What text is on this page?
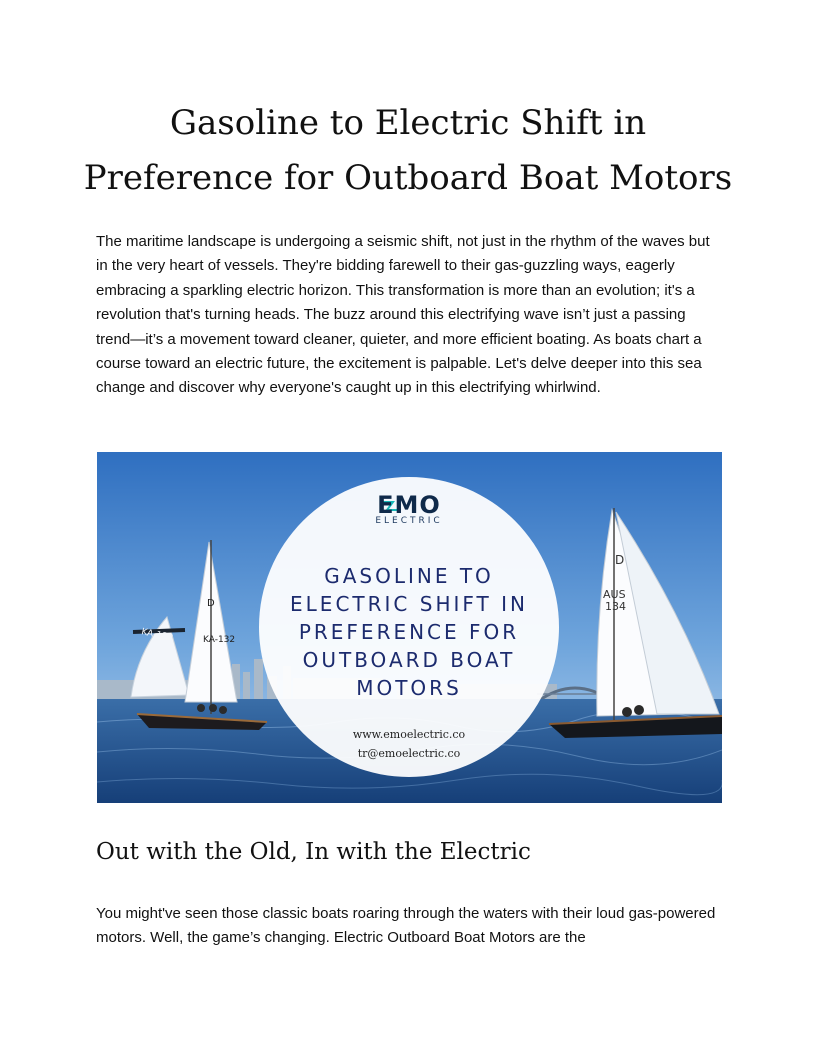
Gasoline to Electric Shift in Preference for Outboard Boat Motors

The maritime landscape is undergoing a seismic shift, not just in the rhythm of the waves but in the very heart of vessels. They're bidding farewell to their gas-guzzling ways, eagerly embracing a sparkling electric horizon. This transformation is more than an evolution; it's a revolution that's turning heads. The buzz around this electrifying wave isn’t just a passing trend—it’s a movement toward cleaner, quieter, and more efficient boating. As boats chart a course toward an electric future, the excitement is palpable. Let's delve deeper into this sea change and discover why everyone's caught up in this electrifying whirlwind.

D
KA-132
KA-132
D
AUS
134
EMO
ELECTRIC
GASOLINE TO ELECTRIC SHIFT IN PREFERENCE FOR OUTBOARD BOAT MOTORS
www.emoelectric.co
tr@emoelectric.co
Out with the Old, In with the Electric

You might've seen those classic boats roaring through the waters with their loud gas-powered motors. Well, the game’s changing. Electric Outboard Boat Motors are the
